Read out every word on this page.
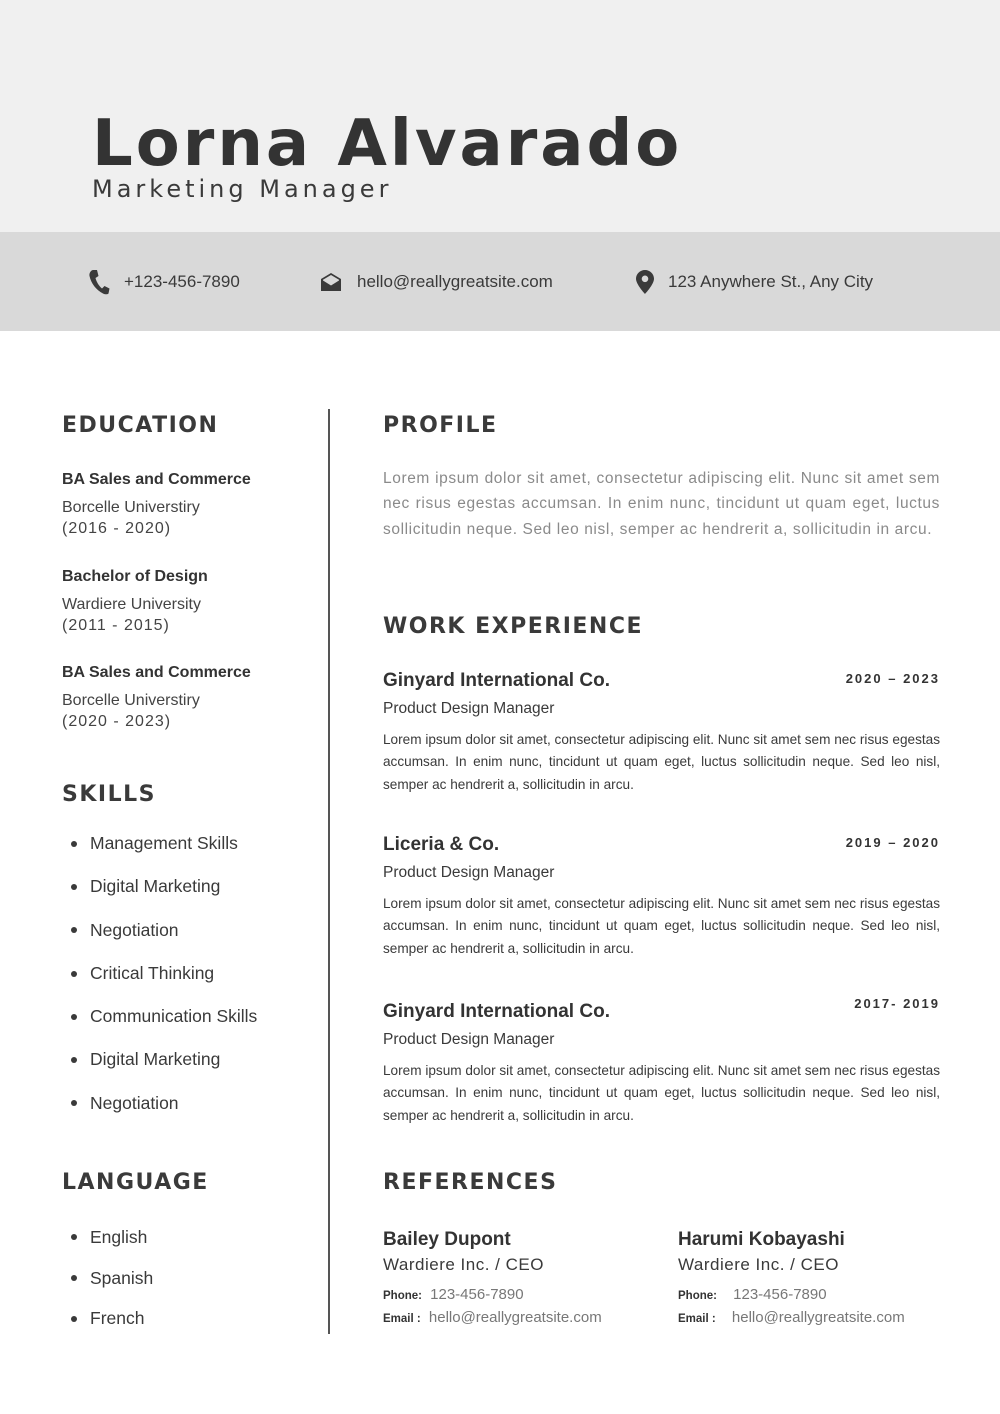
Lorna Alvarado
Marketing Manager
+123-456-7890	hello@reallygreatsite.com	123 Anywhere St., Any City
EDUCATION
BA Sales and Commerce
Borcelle Universtiry
(2016 - 2020)
Bachelor of Design
Wardiere University
(2011 - 2015)
BA Sales and Commerce
Borcelle Universtiry
(2020 - 2023)
SKILLS
Management Skills
Digital Marketing
Negotiation
Critical Thinking
Communication Skills
Digital Marketing
Negotiation
LANGUAGE
English
Spanish
French
PROFILE
Lorem ipsum dolor sit amet, consectetur adipiscing elit. Nunc sit amet sem nec risus egestas accumsan. In enim nunc, tincidunt ut quam eget, luctus sollicitudin neque. Sed leo nisl, semper ac hendrerit a, sollicitudin in arcu.
WORK EXPERIENCE
Ginyard International Co.	2020 – 2023
Product Design Manager
Lorem ipsum dolor sit amet, consectetur adipiscing elit. Nunc sit amet sem nec risus egestas accumsan. In enim nunc, tincidunt ut quam eget, luctus sollicitudin neque. Sed leo nisl, semper ac hendrerit a, sollicitudin in arcu.
Liceria & Co.	2019 – 2020
Product Design Manager
Lorem ipsum dolor sit amet, consectetur adipiscing elit. Nunc sit amet sem nec risus egestas accumsan. In enim nunc, tincidunt ut quam eget, luctus sollicitudin neque. Sed leo nisl, semper ac hendrerit a, sollicitudin in arcu.
Ginyard International Co.	2017- 2019
Product Design Manager
Lorem ipsum dolor sit amet, consectetur adipiscing elit. Nunc sit amet sem nec risus egestas accumsan. In enim nunc, tincidunt ut quam eget, luctus sollicitudin neque. Sed leo nisl, semper ac hendrerit a, sollicitudin in arcu.
REFERENCES
Bailey Dupont
Wardiere Inc. / CEO
Phone: 123-456-7890
Email : hello@reallygreatsite.com
Harumi Kobayashi
Wardiere Inc. / CEO
Phone: 123-456-7890
Email : hello@reallygreatsite.com
